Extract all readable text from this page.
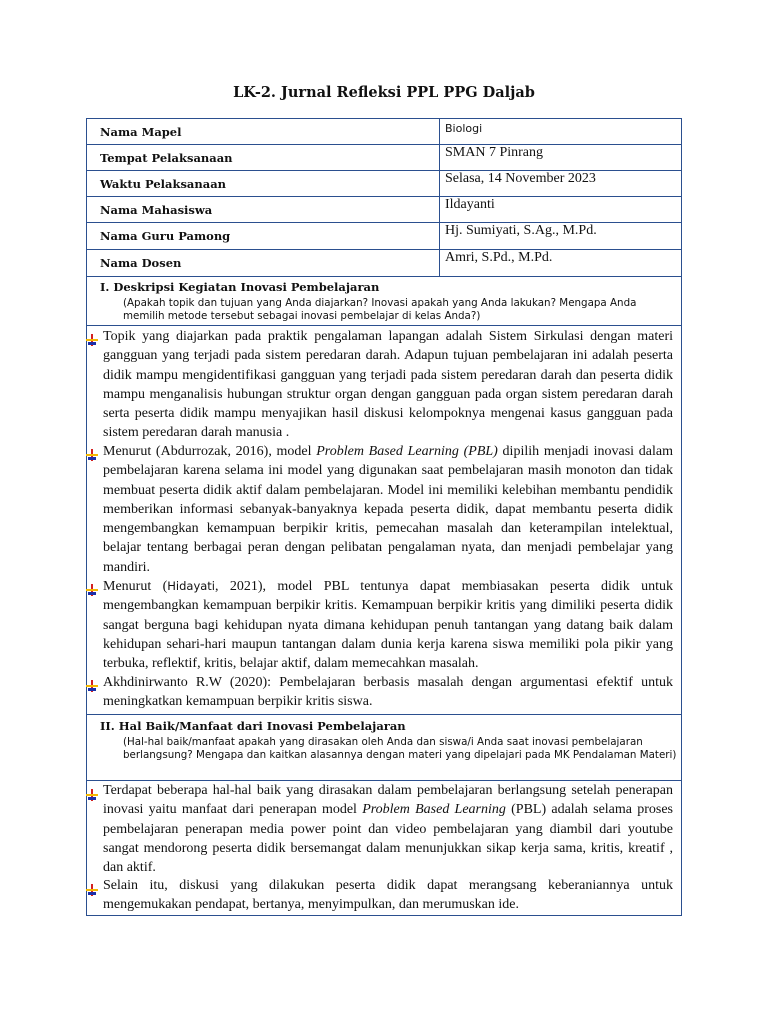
LK-2. Jurnal Refleksi PPL PPG Daljab
Nama Mapel	Biologi
Tempat Pelaksanaan	SMAN 7 Pinrang
Waktu Pelaksanaan	Selasa, 14 November 2023
Nama Mahasiswa	Ildayanti
Nama Guru Pamong	Hj. Sumiyati, S.Ag., M.Pd.
Nama Dosen	Amri, S.Pd., M.Pd.
I. Deskripsi Kegiatan Inovasi Pembelajaran
(Apakah topik dan tujuan yang Anda diajarkan? Inovasi apakah yang Anda lakukan? Mengapa Anda memilih metode tersebut sebagai inovasi pembelajar di kelas Anda?)

Topik yang diajarkan pada praktik pengalaman lapangan adalah Sistem Sirkulasi dengan materi gangguan yang terjadi pada sistem peredaran darah. Adapun tujuan pembelajaran ini adalah peserta didik mampu mengidentifikasi gangguan yang terjadi pada sistem peredaran darah dan peserta didik mampu menganalisis hubungan struktur organ dengan gangguan pada organ sistem peredaran darah serta peserta didik mampu menyajikan hasil diskusi kelompoknya mengenai kasus gangguan pada sistem peredaran darah manusia .

Menurut (Abdurrozak, 2016), model Problem Based Learning (PBL) dipilih menjadi inovasi dalam pembelajaran karena selama ini model yang digunakan saat pembelajaran masih monoton dan tidak membuat peserta didik aktif dalam pembelajaran. Model ini memiliki kelebihan membantu pendidik memberikan informasi sebanyak-banyaknya kepada peserta didik, dapat membantu peserta didik mengembangkan kemampuan berpikir kritis, pemecahan masalah dan keterampilan intelektual, belajar tentang berbagai peran dengan pelibatan pengalaman nyata, dan menjadi pembelajar yang mandiri.

Menurut (Hidayati, 2021), model PBL tentunya dapat membiasakan peserta didik untuk mengembangkan kemampuan berpikir kritis. Kemampuan berpikir kritis yang dimiliki peserta didik sangat berguna bagi kehidupan nyata dimana kehidupan penuh tantangan yang datang baik dalam kehidupan sehari-hari maupun tantangan dalam dunia kerja karena siswa memiliki pola pikir yang terbuka, reflektif, kritis, belajar aktif, dalam memecahkan masalah.

Akhdinirwanto R.W (2020): Pembelajaran berbasis masalah dengan argumentasi efektif untuk meningkatkan kemampuan berpikir kritis siswa.

II. Hal Baik/Manfaat dari Inovasi Pembelajaran
(Hal-hal baik/manfaat apakah yang dirasakan oleh Anda dan siswa/i Anda saat inovasi pembelajaran berlangsung? Mengapa dan kaitkan alasannya dengan materi yang dipelajari pada MK Pendalaman Materi)

Terdapat beberapa hal-hal baik yang dirasakan dalam pembelajaran berlangsung setelah penerapan inovasi yaitu manfaat dari penerapan model Problem Based Learning (PBL) adalah selama proses pembelajaran penerapan media power point dan video pembelajaran yang diambil dari youtube sangat mendorong peserta didik bersemangat dalam menunjukkan sikap kerja sama, kritis, kreatif , dan aktif.

Selain itu, diskusi yang dilakukan peserta didik dapat merangsang keberaniannya untuk mengemukakan pendapat, bertanya, menyimpulkan, dan merumuskan ide.
